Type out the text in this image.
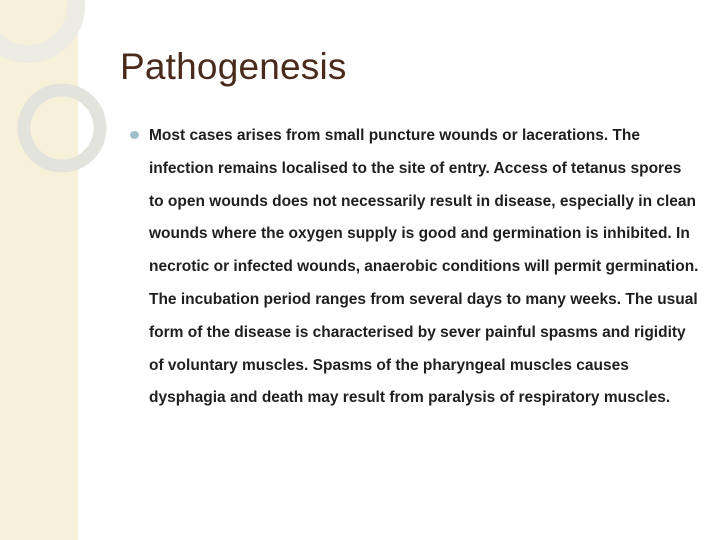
Pathogenesis

Most cases arises from small puncture wounds or lacerations. The infection remains localised to the site of entry. Access of tetanus spores to open wounds does not necessarily result in disease, especially in clean wounds where the oxygen supply is good and germination is inhibited. In necrotic or infected wounds, anaerobic conditions will permit germination. The incubation period ranges from several days to many weeks. The usual form of the disease is characterised by sever painful spasms and rigidity of voluntary muscles. Spasms of the pharyngeal muscles causes dysphagia and death may result from paralysis of respiratory muscles.
